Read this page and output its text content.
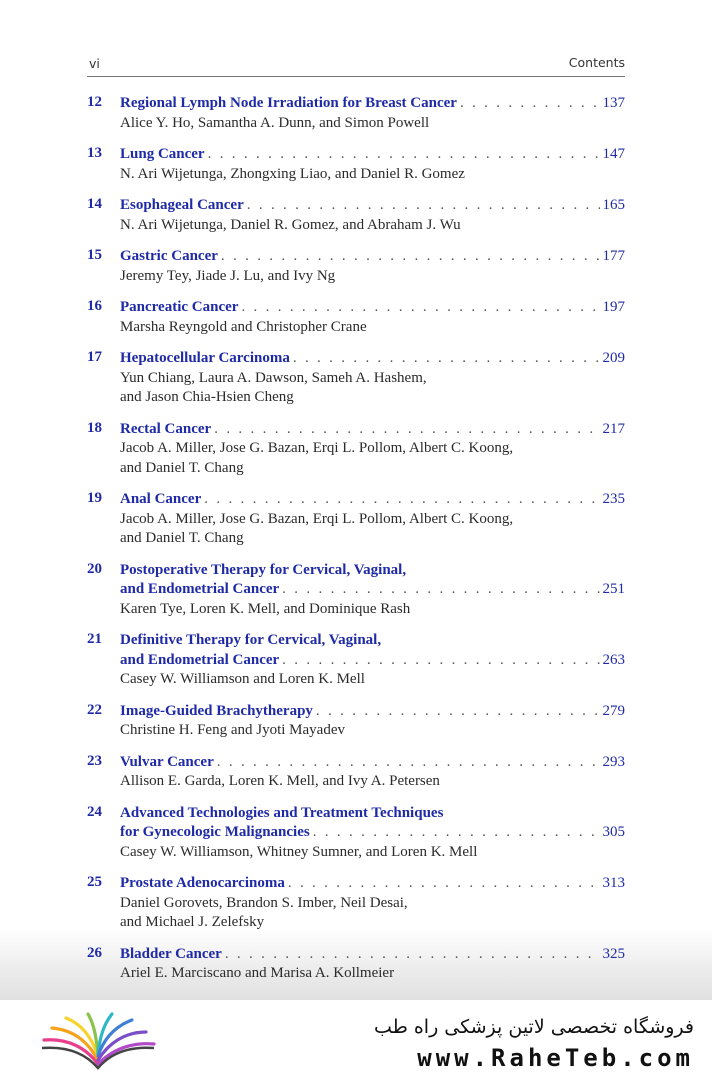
vi	Contents
12	Regional Lymph Node Irradiation for Breast Cancer . . .	137
Alice Y. Ho, Samantha A. Dunn, and Simon Powell
13	Lung Cancer . . .	147
N. Ari Wijetunga, Zhongxing Liao, and Daniel R. Gomez
14	Esophageal Cancer . . .	165
N. Ari Wijetunga, Daniel R. Gomez, and Abraham J. Wu
15	Gastric Cancer . . .	177
Jeremy Tey, Jiade J. Lu, and Ivy Ng
16	Pancreatic Cancer . . .	197
Marsha Reyngold and Christopher Crane
17	Hepatocellular Carcinoma . . .	209
Yun Chiang, Laura A. Dawson, Sameh A. Hashem,
and Jason Chia-Hsien Cheng
18	Rectal Cancer . . .	217
Jacob A. Miller, Jose G. Bazan, Erqi L. Pollom, Albert C. Koong,
and Daniel T. Chang
19	Anal Cancer . . .	235
Jacob A. Miller, Jose G. Bazan, Erqi L. Pollom, Albert C. Koong,
and Daniel T. Chang
20	Postoperative Therapy for Cervical, Vaginal,
and Endometrial Cancer . . .	251
Karen Tye, Loren K. Mell, and Dominique Rash
21	Definitive Therapy for Cervical, Vaginal,
and Endometrial Cancer . . .	263
Casey W. Williamson and Loren K. Mell
22	Image-Guided Brachytherapy . . .	279
Christine H. Feng and Jyoti Mayadev
23	Vulvar Cancer . . .	293
Allison E. Garda, Loren K. Mell, and Ivy A. Petersen
24	Advanced Technologies and Treatment Techniques
for Gynecologic Malignancies . . .	305
Casey W. Williamson, Whitney Sumner, and Loren K. Mell
25	Prostate Adenocarcinoma . . .	313
Daniel Gorovets, Brandon S. Imber, Neil Desai,
and Michael J. Zelefsky
26	Bladder Cancer . . .	325
Ariel E. Marciscano and Marisa A. Kollmeier
فروشگاه تخصصی لاتین پزشکی راه طب
www.RaheTeb.com
